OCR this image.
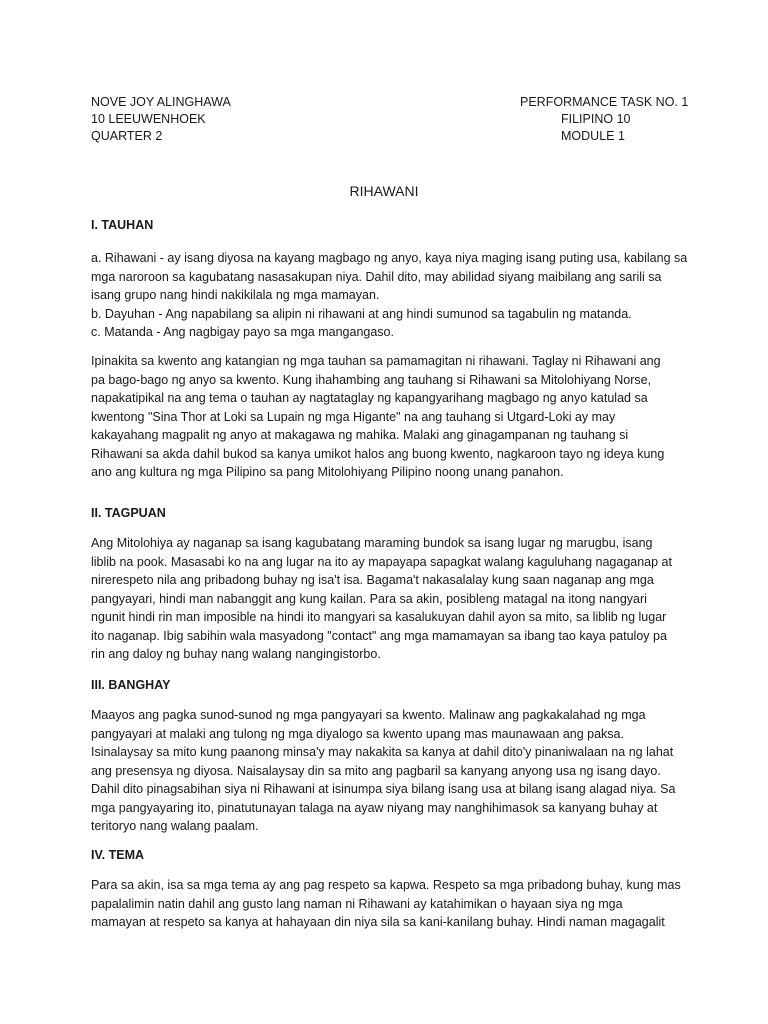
NOVE JOY ALINGHAWA
10 LEEUWENHOEK
QUARTER 2
PERFORMANCE TASK NO. 1
FILIPINO 10
MODULE 1
RIHAWANI
I. TAUHAN
a. Rihawani - ay isang diyosa na kayang magbago ng anyo, kaya niya maging isang puting usa, kabilang sa
mga naroroon sa kagubatang nasasakupan niya. Dahil dito, may abilidad siyang maibilang ang sarili sa
isang grupo nang hindi nakikilala ng mga mamayan.
b. Dayuhan - Ang napabilang sa alipin ni rihawani at ang hindi sumunod sa tagabulin ng matanda.
c. Matanda - Ang nagbigay payo sa mga mangangaso.
Ipinakita sa kwento ang katangian ng mga tauhan sa pamamagitan ni rihawani. Taglay ni Rihawani ang
pa bago-bago ng anyo sa kwento. Kung ihahambing ang tauhang si Rihawani sa Mitolohiyang Norse,
napakatipikal na ang tema o tauhan ay nagtataglay ng kapangyarihang magbago ng anyo katulad sa
kwentong "Sina Thor at Loki sa Lupain ng mga Higante" na ang tauhang si Utgard-Loki ay may
kakayahang magpalit ng anyo at makagawa ng mahika. Malaki ang ginagampanan ng tauhang si
Rihawani sa akda dahil bukod sa kanya umikot halos ang buong kwento, nagkaroon tayo ng ideya kung
ano ang kultura ng mga Pilipino sa pang Mitolohiyang Pilipino noong unang panahon.
II. TAGPUAN
Ang Mitolohiya ay naganap sa isang kagubatang maraming bundok sa isang lugar ng marugbu, isang
liblib na pook. Masasabi ko na ang lugar na ito ay mapayapa sapagkat walang kaguluhang nagaganap at
nirerespeto nila ang pribadong buhay ng isa't isa. Bagama't nakasalalay kung saan naganap ang mga
pangyayari, hindi man nabanggit ang kung kailan. Para sa akin, posibleng matagal na itong nangyari
ngunit hindi rin man imposible na hindi ito mangyari sa kasalukuyan dahil ayon sa mito, sa liblib ng lugar
ito naganap. Ibig sabihin wala masyadong "contact" ang mga mamamayan sa ibang tao kaya patuloy pa
rin ang daloy ng buhay nang walang nangingistorbo.
III. BANGHAY
Maayos ang pagka sunod-sunod ng mga pangyayari sa kwento. Malinaw ang pagkakalahad ng mga
pangyayari at malaki ang tulong ng mga diyalogo sa kwento upang mas maunawaan ang paksa.
Isinalaysay sa mito kung paanong minsa'y may nakakita sa kanya at dahil dito'y pinaniwalaan na ng lahat
ang presensya ng diyosa. Naisalaysay din sa mito ang pagbaril sa kanyang anyong usa ng isang dayo.
Dahil dito pinagsabihan siya ni Rihawani at isinumpa siya bilang isang usa at bilang isang alagad niya. Sa
mga pangyayaring ito, pinatutunayan talaga na ayaw niyang may nanghihimasok sa kanyang buhay at
teritoryo nang walang paalam.
IV. TEMA
Para sa akin, isa sa mga tema ay ang pag respeto sa kapwa. Respeto sa mga pribadong buhay, kung mas
papalalimin natin dahil ang gusto lang naman ni Rihawani ay katahimikan o hayaan siya ng mga
mamayan at respeto sa kanya at hahayaan din niya sila sa kani-kanilang buhay. Hindi naman magagalit
